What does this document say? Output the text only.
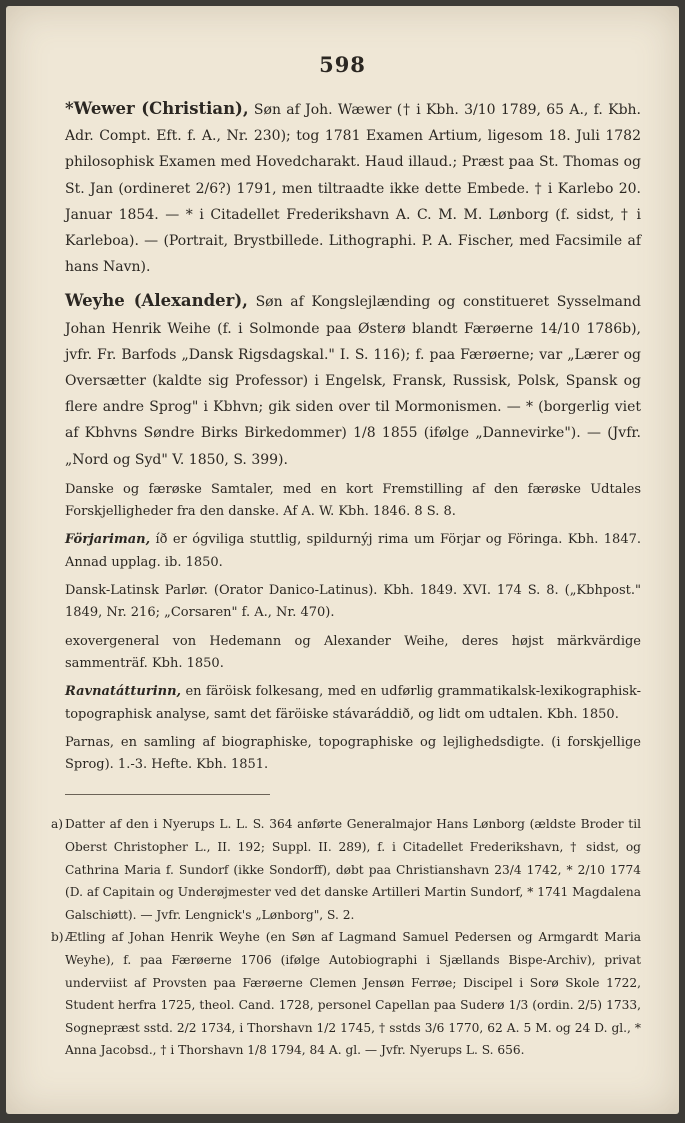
598

*Wewer (Christian), Søn af Joh. Wæwer († i Kbh. 3/10 1789, 65 A., f. Kbh. Adr. Compt. Eft. f. A., Nr. 230); tog 1781 Examen Artium, ligesom 18. Juli 1782 philosophisk Examen med Hovedcharakt. Haud illaud.; Præst paa St. Thomas og St. Jan (ordineret 2/6?) 1791, men tiltraadte ikke dette Embede. † i Karlebo 20. Januar 1854. — * i Citadellet Frederikshavn A. C. M. M. Lønborg (f. sidst, † i Karleboa). — (Portrait, Brystbillede. Lithographi. P. A. Fischer, med Facsimile af hans Navn).

Weyhe (Alexander), Søn af Kongslejlænding og constitueret Sysselmand Johan Henrik Weihe (f. i Solmonde paa Østerø blandt Færøerne 14/10 1786b), jvfr. Fr. Barfods „Dansk Rigsdagskal." I. S. 116); f. paa Færøerne; var „Lærer og Oversætter (kaldte sig Professor) i Engelsk, Fransk, Russisk, Polsk, Spansk og flere andre Sprog" i Kbhvn; gik siden over til Mormonismen. — * (borgerlig viet af Kbhvns Søndre Birks Birkedommer) 1/8 1855 (ifølge „Dannevirke"). — (Jvfr. „Nord og Syd" V. 1850, S. 399).

Danske og færøske Samtaler, med en kort Fremstilling af den færøske Udtales Forskjelligheder fra den danske. Af A. W. Kbh. 1846. 8 S. 8.

Förjariman, íð er ógviliga stuttlig, spildurnýj rima um Förjar og Föringa. Kbh. 1847. Annad upplag. ib. 1850.

Dansk-Latinsk Parlør. (Orator Danico-Latinus). Kbh. 1849. XVI. 174 S. 8. („Kbhpost." 1849, Nr. 216; „Corsaren" f. A., Nr. 470).

exovergeneral von Hedemann og Alexander Weihe, deres højst märkvärdige sammenträf. Kbh. 1850.

Ravnatátturinn, en färöisk folkesang, med en udførlig grammatikalsk-lexikographisk-topographisk analyse, samt det färöiske stávaráddið, og lidt om udtalen. Kbh. 1850.

Parnas, en samling af biographiske, topographiske og lejlighedsdigte. (i forskjellige Sprog). 1.-3. Hefte. Kbh. 1851.

a) Datter af den i Nyerups L. L. S. 364 anførte Generalmajor Hans Lønborg (ældste Broder til Oberst Christopher L., II. 192; Suppl. II. 289), f. i Citadellet Frederikshavn, † sidst, og Cathrina Maria f. Sundorf (ikke Sondorff), døbt paa Christianshavn 23/4 1742, * 2/10 1774 (D. af Capitain og Underøjmester ved det danske Artilleri Martin Sundorf, * 1741 Magdalena Galschiøtt). — Jvfr. Lengnick's „Lønborg", S. 2.

b) Ætling af Johan Henrik Weyhe (en Søn af Lagmand Samuel Pedersen og Armgardt Maria Weyhe), f. paa Færøerne 1706 (ifølge Autobiographi i Sjællands Bispe-Archiv), privat underviist af Provsten paa Færøerne Clemen Jensøn Ferrøe; Discipel i Sorø Skole 1722, Student herfra 1725, theol. Cand. 1728, personel Capellan paa Suderø 1/3 (ordin. 2/5) 1733, Sognepræst sstd. 2/2 1734, i Thorshavn 1/2 1745, † sstds 3/6 1770, 62 A. 5 M. og 24 D. gl., * Anna Jacobsd., † i Thorshavn 1/8 1794, 84 A. gl. — Jvfr. Nyerups L. S. 656.
